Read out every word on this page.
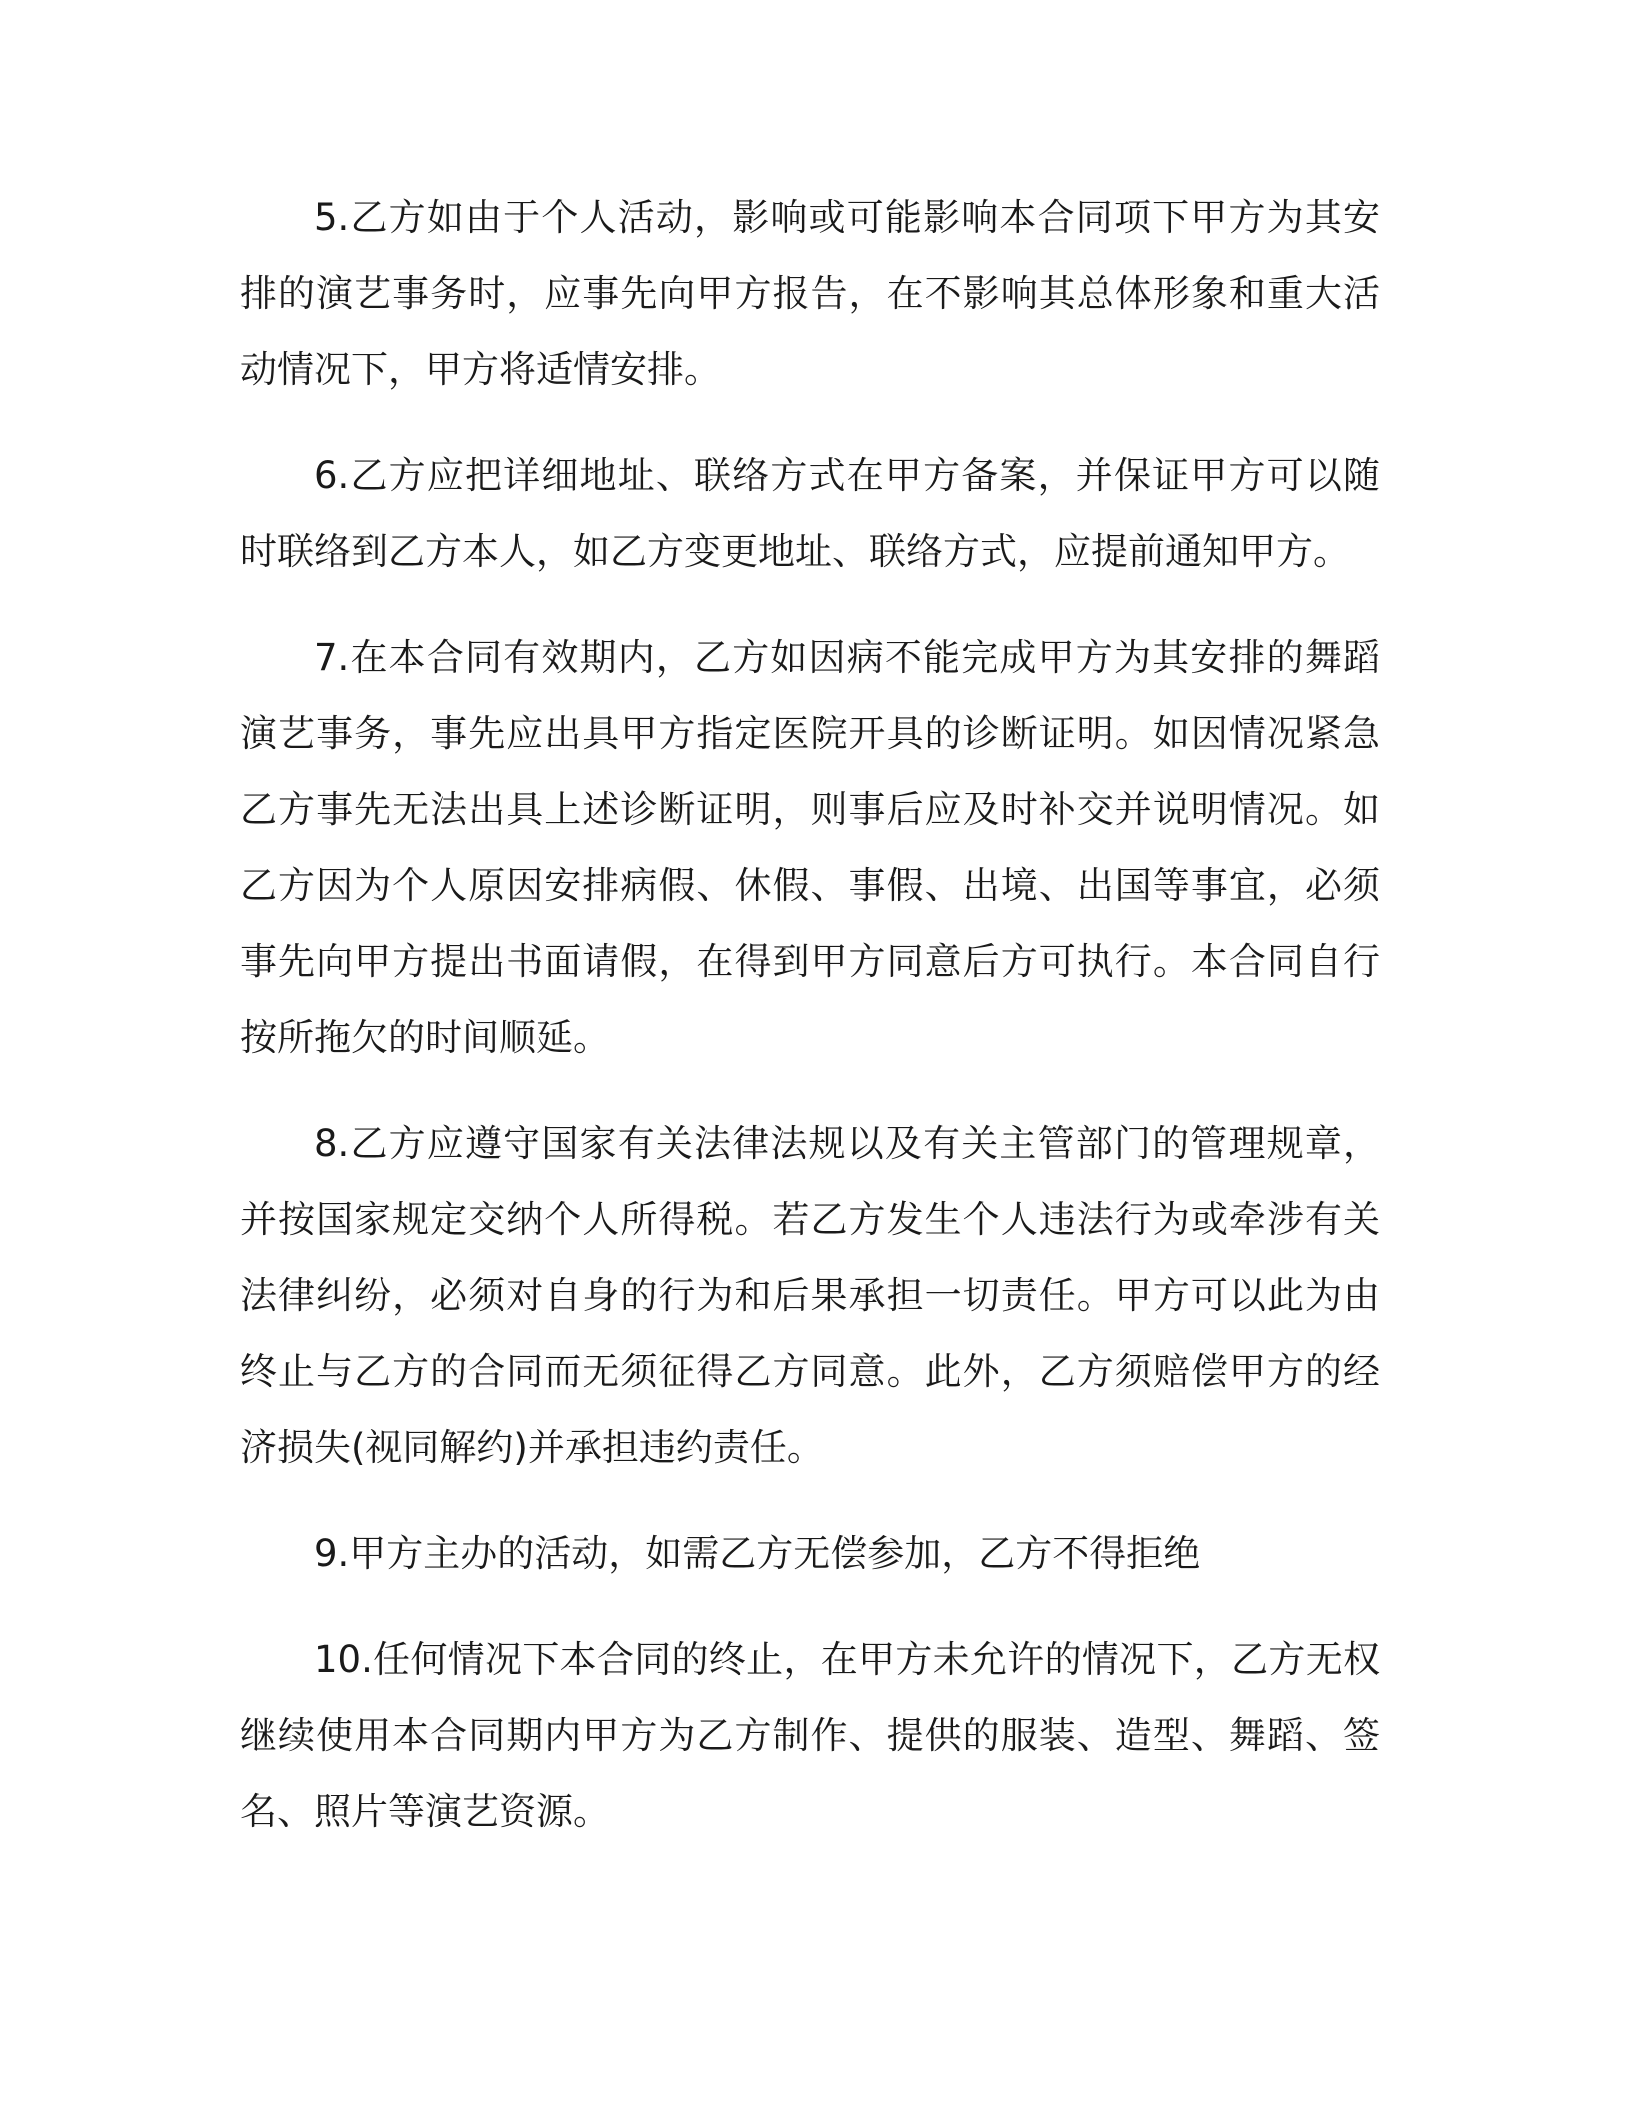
5.乙方如由于个人活动，影响或可能影响本合同项下甲方为其安排的演艺事务时，应事先向甲方报告，在不影响其总体形象和重大活动情况下，甲方将适情安排。

6.乙方应把详细地址、联络方式在甲方备案，并保证甲方可以随时联络到乙方本人，如乙方变更地址、联络方式，应提前通知甲方。

7.在本合同有效期内，乙方如因病不能完成甲方为其安排的舞蹈演艺事务，事先应出具甲方指定医院开具的诊断证明。如因情况紧急乙方事先无法出具上述诊断证明，则事后应及时补交并说明情况。如乙方因为个人原因安排病假、休假、事假、出境、出国等事宜，必须事先向甲方提出书面请假，在得到甲方同意后方可执行。本合同自行按所拖欠的时间顺延。

8.乙方应遵守国家有关法律法规以及有关主管部门的管理规章，并按国家规定交纳个人所得税。若乙方发生个人违法行为或牵涉有关法律纠纷，必须对自身的行为和后果承担一切责任。甲方可以此为由终止与乙方的合同而无须征得乙方同意。此外，乙方须赔偿甲方的经济损失(视同解约)并承担违约责任。

9.甲方主办的活动，如需乙方无偿参加，乙方不得拒绝

10.任何情况下本合同的终止，在甲方未允许的情况下，乙方无权继续使用本合同期内甲方为乙方制作、提供的服装、造型、舞蹈、签名、照片等演艺资源。
